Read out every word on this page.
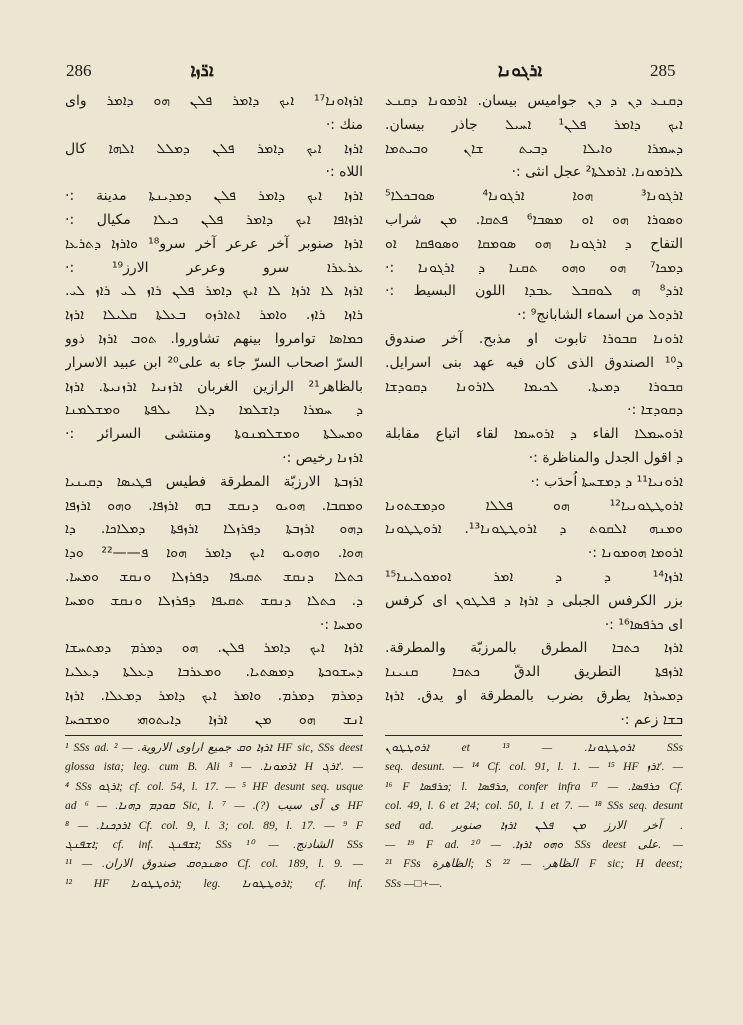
286	ܐܪ̈ܙܐ	ܐܪܓܘܢܐ	285
ܐܪܙܐܘܢܐ¹⁷ ܐܝܟ ܕܐܡܪ ܦܠܢ ܗܘ ܕܐܡܪ وای
منك :·
ܐܪܙܐ ܐܝܟ ܕܐܡܪ ܦܠܢ ܕܡܠܠ ܐܠܗܐ كال
اللاه :·
ܐܪܙܐ ܐܝܟ ܕܐܡܪ ܦܠܢ ܕܡܕܝܢܬܐ مدينة :·
ܐܪܙܐܦܐ ܐܝܟ ܕܐܡܪ ܦܠܢ ܟܝܠܐ مكيال :·
ܐܪܙܐ صنوبر آخر عرعر آخر سرو¹⁸ ܘܐܪܙܐ ܕܬܪܥܐ
ܥܪܥܪܐ سرو وعرعر الارز¹⁹ :·
ܐܪܙܐ ܠܐ ܐܪܙܐ ܠܐ ܐܝܟ ܕܐܡܪ ܦܠܢ ܪܐܙ ܠܝ ܪܐܙ ܠܝ.
ܪܐܙܐ ܪܐܙ. ܘܐܡܪ ܐܬܐܪܙܘ ܒܥܠܬܐ ܩܠܝܠܐ ܐܪܙܐ
ܟܡܐܣܐ توامروا بينهم تشاوروا. ܬܘܒ ܐܪܙܐ ذوو
السرّ اصحاب السرّ جاء به على²⁰ ابن عبيد الاسرار
بالظاهر²¹ الرازين الغربان ܐܪܙܢܝܐ ܐܪܙܢܝܬܐ. ܐܪܙܐ
ܕ ܚܡܪܐ ܕܐܫܠܡܐ ܕܠܐ ܝܠܦܬܐ ܘܡܫܠܡܢܐ
ܘܡܚܠܬܐ ܘܡܫܠܡܢܘܬܐ ومنتشى السرائر :·
ܐܪܙܢܐ رخيص :·
ܐܪܙܒܬܐ الارزبّة المطرقة فطيس ܦܛܝܣܐ ܕܩܝܢܝܐ
ܘܡܩܒܐ. ܗܘܝܘ ܕܢܩܫ ܒܗ ܐܪܙܦܐ. ܘܗܘ ܐܪܙܦܐ
ܕܗܘ ܐܪܙܒܬܐ ܕܦܪܙܠܐ ܐܪܙܦܬܐ ܕܡܠܐܟܐ. ܕܐ
ܗܘܐ. ܘܗܘܝܘ ܐܝܟ ܕܐܡܪ ܗܘܐ ܦ——²² ܘܕܐ
ܟܬܠܐ ܕܢܩܫ ܬܩܝܦܐ ܕܦܪܙܠܐ ܘܢܩܫ ܘܡܚܐ.
ܕ. ܟܬܠܐ ܕܢܩܫ ܬܩܝܦܐ ܕܦܪܙܠܐ ܘܢܩܫ ܘܡܚܐ
ܘܡܚܐ :·
ܐܪܙܐ ܐܝܟ ܕܐܡܪ ܦܠܢ. ܗܘ ܕܡܪܡ ܕܡܬܚܫܐ
ܕܚܫܘܟܬܐ ܕܡܣܬܝܐ. ܘܡܥܪܒܐ ܕܥܠܬܐ ܕܥܠܝܐ
ܕܡܪܡ ܕܡܪܡ. ܘܐܡܪ ܐܝܟ ܕܐܡܪ ܕܡܥܠܐ. ܐܪܙܐ
ܐܢܫ ܗܘ ܡܢ ܐܪܙܐ ܕܐܝܬܘܗܝ ܘܡܫܟܚܐ
ܕܩܢܥ ܕܢ ܕ ܕܢ جواميس بيسان. ܐܪܡܘܢܐ ܕܩܢܥ
ܐܝܟ ܕܐܡܪ ܦܠܢ¹ ܐܚܝܠ جاذر بيسان.
ܕܚܡܪܐ ܘܐܝܠܐ ܕܒܝܬ ܫܐܢ ܘܒܝܬܡܐ
ܠܐܪܡܘܢܐ. ܐܪܡܠܬܐ² عجل انثى :·
ܐܪܓܘܢܐ³ ܗܘܐ ܐܪܓܘܢܐ⁴ ܣܘܒܟܠܐ⁵
ܘܣܘܪܐ ܗܘ ܐܘ ܡܣܒܐ⁶ ܦܬܩܐ. ܡܢ شراب
التفاح ܕ ܐܪܓܘܢܐ ܗܘ ܣܘܡܩܐ ܘܣܘܦܩܐ ܐܘ
ܕܡܟܐ⁷ ܗܘ ܘܗܘ ܬܩܢܐ ܕ ܐܪܓܘܢܐ :·
ܐܪܕ⁸ ܗ ܠܘܩܒܠ ܥܒܕܐ اللون البسيط :·
ܐܪܕܘܠ من اسماء الشابانج⁹ :·
ܐܪܘܢܐ ܩܒܘܪܐ تابوت او مذبح. آخر صندوق
ܕ¹⁰ الصندوق الذى كان فيه عهد بنى اسرايل.
ܩܒܘܪܐ ܕܡܝܬܐ. ܠܟܝܡܐ ܠܐܪܘܢܐ ܕܩܘܕܫܐ
ܕܩܘܕܫܐ :·
ܐܪܘܚܡܠܐ الفاء ܕ ܐܪܘܚܡܐ لقاء اتباع مقابلة
ܕ اقول الجدل والمناظرة :·
ܐܪܘܢܝܐ¹¹ ܕ ܕܡܫܚܬܐ اُحدَب :·
ܐܪܘܛܛܘܢܝܐ¹² ܗܘ ܦܠܠܐ ܘܕܡܫܬܘܢܐ
ܘܡܢܗ ܐܠܩܘܬ ܕ ܐܪܘܛܛܘܢܐ¹³. ܐܪܘܛܛܘܢܐ
ܐܪܘܡܐ ܗܘܡܘܢܐ :·
ܐܪܙܐ¹⁴ ܕ ܕ ܐܡܪ ܐܘܡܘܠܝܢܐ¹⁵
بزر الكرفس الجبلى ܕ ܐܪܙܐ ܕ ܦܠܛܘܢ اى كرفس
اى ܟܪܦܣܐ¹⁶ :·
ܐܪܙܐ ܟܬܒܐ المطرق بالمرزبّة والمطرقة.
ܐܪܙܦܬܐ التطريق الدقّ ܟܬܒܐ ܩܢܝܢܐ
ܕܡܚܪܙܐ يطرق بضرب بالمطرقة او يدق. ܐܪܙܐ
ܒܫܐ زعم :·
¹ SSs ad. ܐܪܙܐ ܘܩ جميع اراوى الاروية. — ² HF sic, SSs deest
glossa ista; leg. cum B. Ali ܐܪܡܘܢܐ. — ³ H ܐܪܓ'. —
⁴ SSs ܐܪܓܘ; cf. col. 54, l. 17. — ⁵ HF desunt seq. usque
ad ܩܘܕܡ ܕܗܢܐ. — ⁶ Sic, l. ی آی سیب (?). — ⁷ HF
ܐܪܕܟܢܐ. — ⁸ Cf. col. 9, l. 3; col. 89, l. 17. — ⁹ F
ܐܫܦܢܓ; cf. inf. ܐܫܦܢܓ; SSs الشادنج. — ¹⁰ SSs
ܘܣܢܕܘܩ صندوق الاران. — ¹¹ Cf. col. 189, l. 9. —
¹² HF ܐܪܘܛܛܘܢܐ; leg. ܐܪܘܛܛܘܢܐ; cf. inf.
ܐܪܘܛܛܘܢ et ܐܪܘܛܛܘܢܐ. — ¹³ SSs
seq. desunt. — ¹⁴ Cf. col. 91, l. 1. — ¹⁵ HF ܐܪܙ'. —
¹⁶ F ܟܪܦܣܐ; l. ܟܪܦܣܐ, confer infra ܟܪܦܣܐ. — ¹⁷ Cf.
col. 49, l. 6 et 24; col. 50, l. 1 et 7. — ¹⁸ SSs seq. desunt
sed ad. آخر الارز ܡܢ ܦܠܢ ܐܪܙܐ صنوبر .
— ¹⁹ F ad. ܘܗܘ ܐܪܙܐ. — ²⁰ SSs deest على. —
²¹ FSs الظاهرة; S الظاهر. — ²² F sic; H deest;
SSs —□+—.
